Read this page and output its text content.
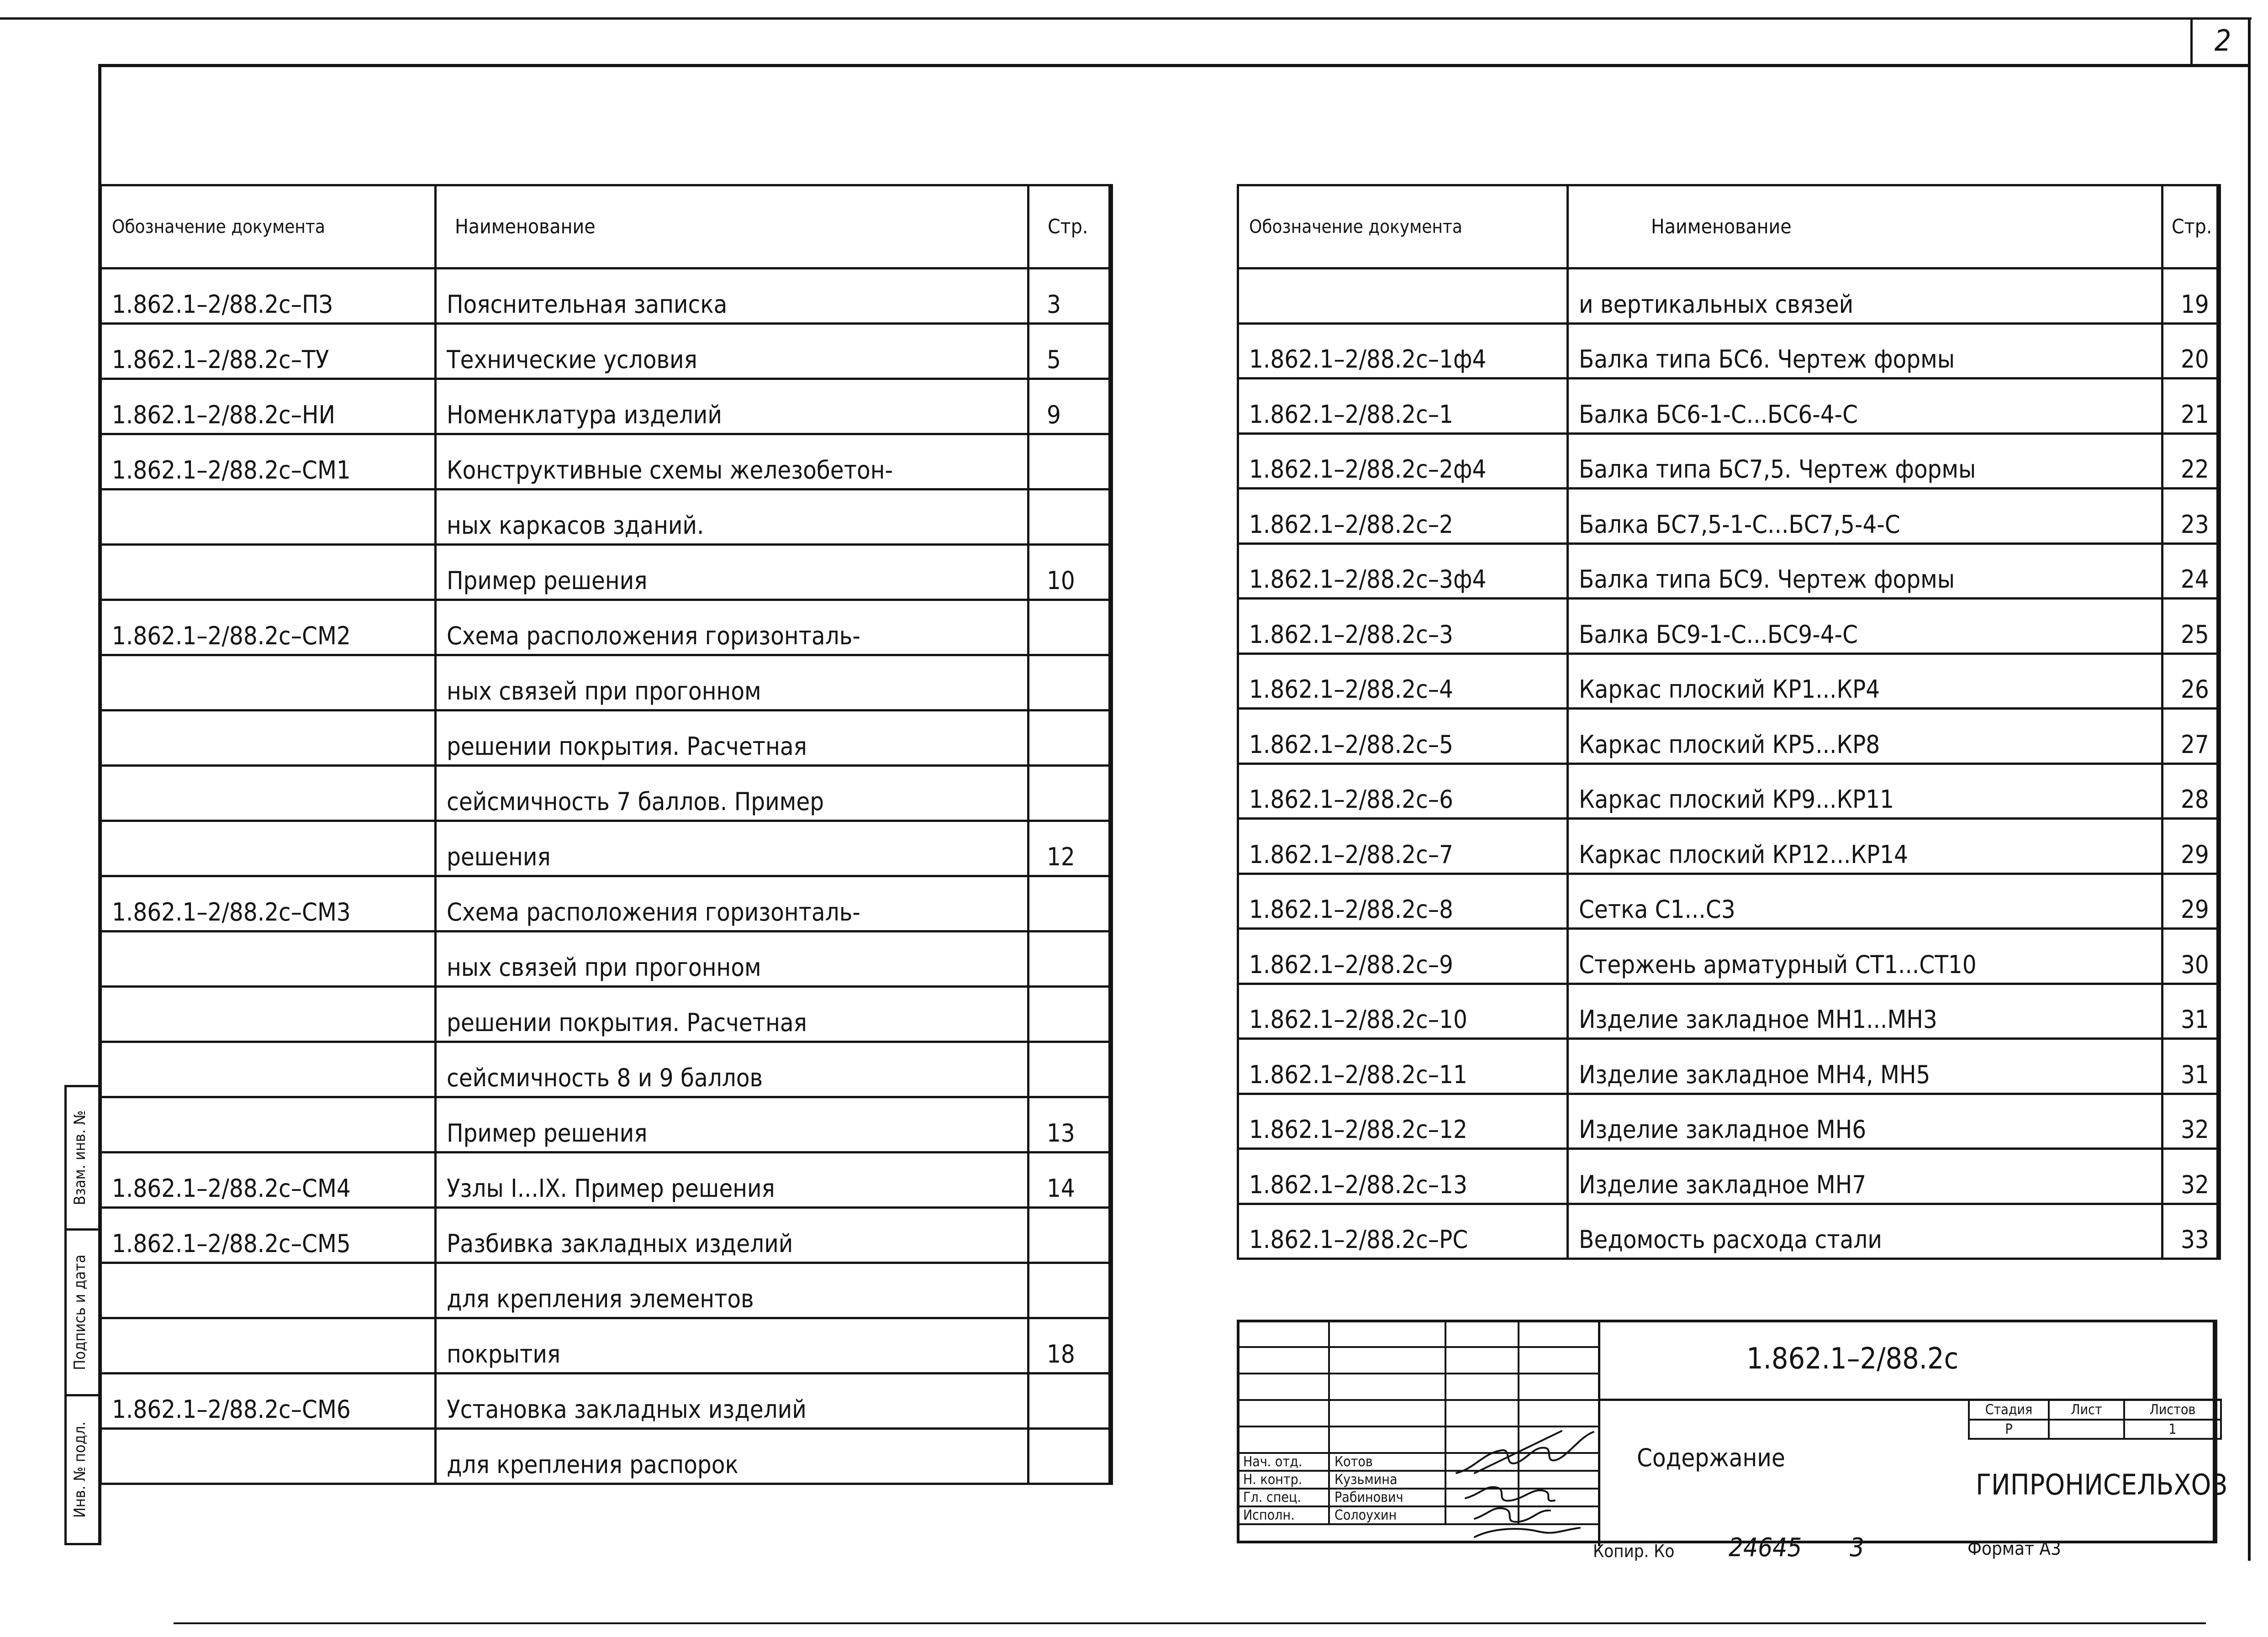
2
Взам. инв. №
Подпись и дата
Инв. № подл.
Обозначение документа	Наименование	Стр.
1.862.1–2/88.2с–ПЗ	Пояснительная записка	3
1.862.1–2/88.2с–ТУ	Технические условия	5
1.862.1–2/88.2с–НИ	Номенклатура изделий	9
1.862.1–2/88.2с–СМ1	Конструктивные схемы железобетон-	
	ных каркасов зданий.	
	Пример решения	10
1.862.1–2/88.2с–СМ2	Схема расположения горизонталь-	
	ных связей при прогонном	
	решении покрытия. Расчетная	
	сейсмичность 7 баллов. Пример	
	решения	12
1.862.1–2/88.2с–СМ3	Схема расположения горизонталь-	
	ных связей при прогонном	
	решении покрытия. Расчетная	
	сейсмичность 8 и 9 баллов	
	Пример решения	13
1.862.1–2/88.2с–СМ4	Узлы I...IX. Пример решения	14
1.862.1–2/88.2с–СМ5	Разбивка закладных изделий	
	для крепления элементов	
	покрытия	18
1.862.1–2/88.2с–СМ6	Установка закладных изделий	
	для крепления распорок	
Обозначение документа	Наименование	Стр.
	и вертикальных связей	19
1.862.1–2/88.2с–1ф4	Балка типа БС6. Чертеж формы	20
1.862.1–2/88.2с–1	Балка БС6-1-С...БС6-4-С	21
1.862.1–2/88.2с–2ф4	Балка типа БС7,5. Чертеж формы	22
1.862.1–2/88.2с–2	Балка БС7,5-1-С...БС7,5-4-С	23
1.862.1–2/88.2с–3ф4	Балка типа БС9. Чертеж формы	24
1.862.1–2/88.2с–3	Балка БС9-1-С...БС9-4-С	25
1.862.1–2/88.2с–4	Каркас плоский КР1...КР4	26
1.862.1–2/88.2с–5	Каркас плоский КР5...КР8	27
1.862.1–2/88.2с–6	Каркас плоский КР9...КР11	28
1.862.1–2/88.2с–7	Каркас плоский КР12...КР14	29
1.862.1–2/88.2с–8	Сетка С1...С3	29
1.862.1–2/88.2с–9	Стержень арматурный СТ1...СТ10	30
1.862.1–2/88.2с–10	Изделие закладное МН1...МН3	31
1.862.1–2/88.2с–11	Изделие закладное МН4, МН5	31
1.862.1–2/88.2с–12	Изделие закладное МН6	32
1.862.1–2/88.2с–13	Изделие закладное МН7	32
1.862.1–2/88.2с–РС	Ведомость расхода стали	33

Нач. отд.	Котов		
Н. контр.	Кузьмина		
Гл. спец.	Рабинович		
Исполн.	Солоухин		
1.862.1–2/88.2с
Содержание
Стадия	Лист	Листов
Р		1
ГИПРОНИСЕЛЬХОЗ
Копир. Ко 24645 3	Формат А3
